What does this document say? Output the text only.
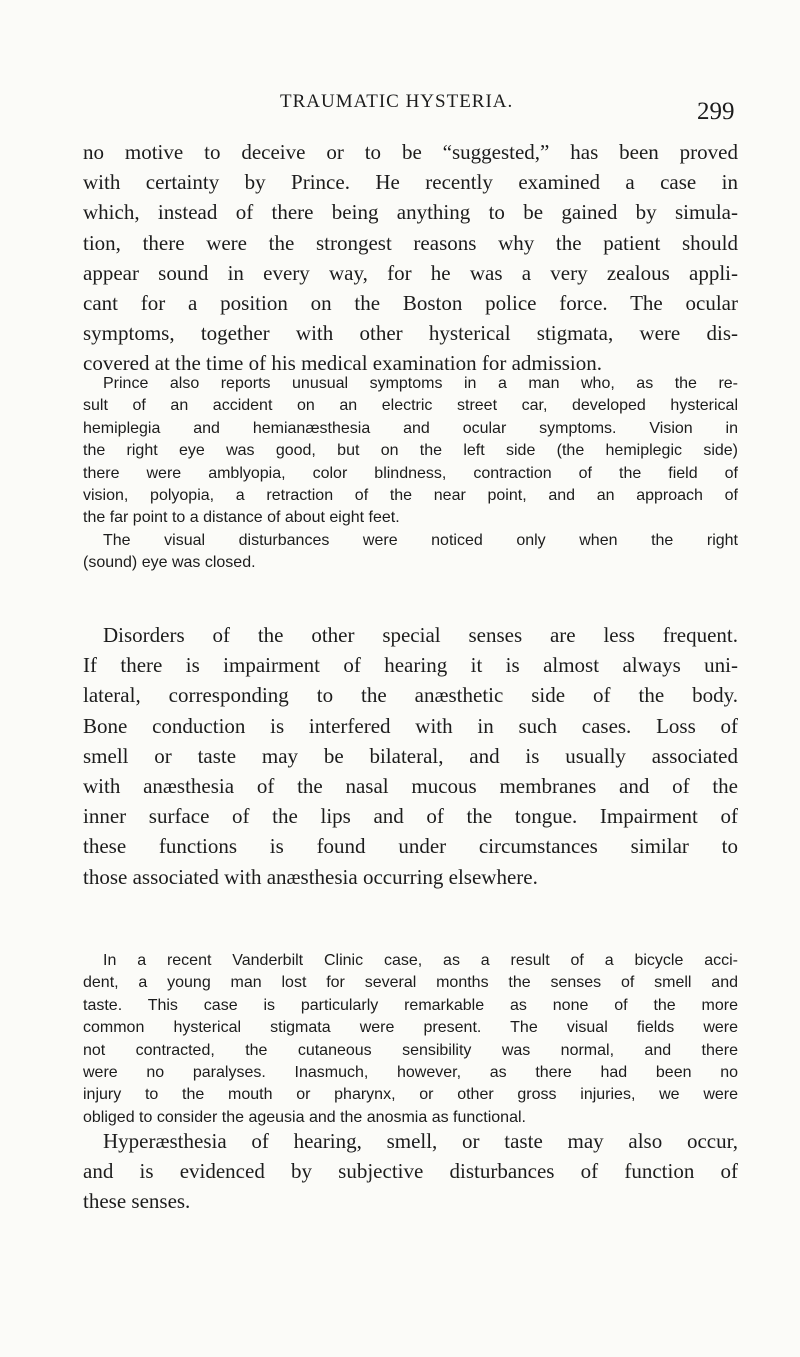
TRAUMATIC HYSTERIA.	299
no motive to deceive or to be “suggested,” has been proved
with certainty by Prince. He recently examined a case in
which, instead of there being anything to be gained by simula-
tion, there were the strongest reasons why the patient should
appear sound in every way, for he was a very zealous appli-
cant for a position on the Boston police force. The ocular
symptoms, together with other hysterical stigmata, were dis-
covered at the time of his medical examination for admission.
Prince also reports unusual symptoms in a man who, as the re-
sult of an accident on an electric street car, developed hysterical
hemiplegia and hemianæsthesia and ocular symptoms. Vision in
the right eye was good, but on the left side (the hemiplegic side)
there were amblyopia, color blindness, contraction of the field of
vision, polyopia, a retraction of the near point, and an approach of
the far point to a distance of about eight feet.
The visual disturbances were noticed only when the right
(sound) eye was closed.
Disorders of the other special senses are less frequent.
If there is impairment of hearing it is almost always uni-
lateral, corresponding to the anæsthetic side of the body.
Bone conduction is interfered with in such cases. Loss of
smell or taste may be bilateral, and is usually associated
with anæsthesia of the nasal mucous membranes and of the
inner surface of the lips and of the tongue. Impairment of
these functions is found under circumstances similar to
those associated with anæsthesia occurring elsewhere.
In a recent Vanderbilt Clinic case, as a result of a bicycle acci-
dent, a young man lost for several months the senses of smell and
taste. This case is particularly remarkable as none of the more
common hysterical stigmata were present. The visual fields were
not contracted, the cutaneous sensibility was normal, and there
were no paralyses. Inasmuch, however, as there had been no
injury to the mouth or pharynx, or other gross injuries, we were
obliged to consider the ageusia and the anosmia as functional.
Hyperæsthesia of hearing, smell, or taste may also occur,
and is evidenced by subjective disturbances of function of
these senses.
